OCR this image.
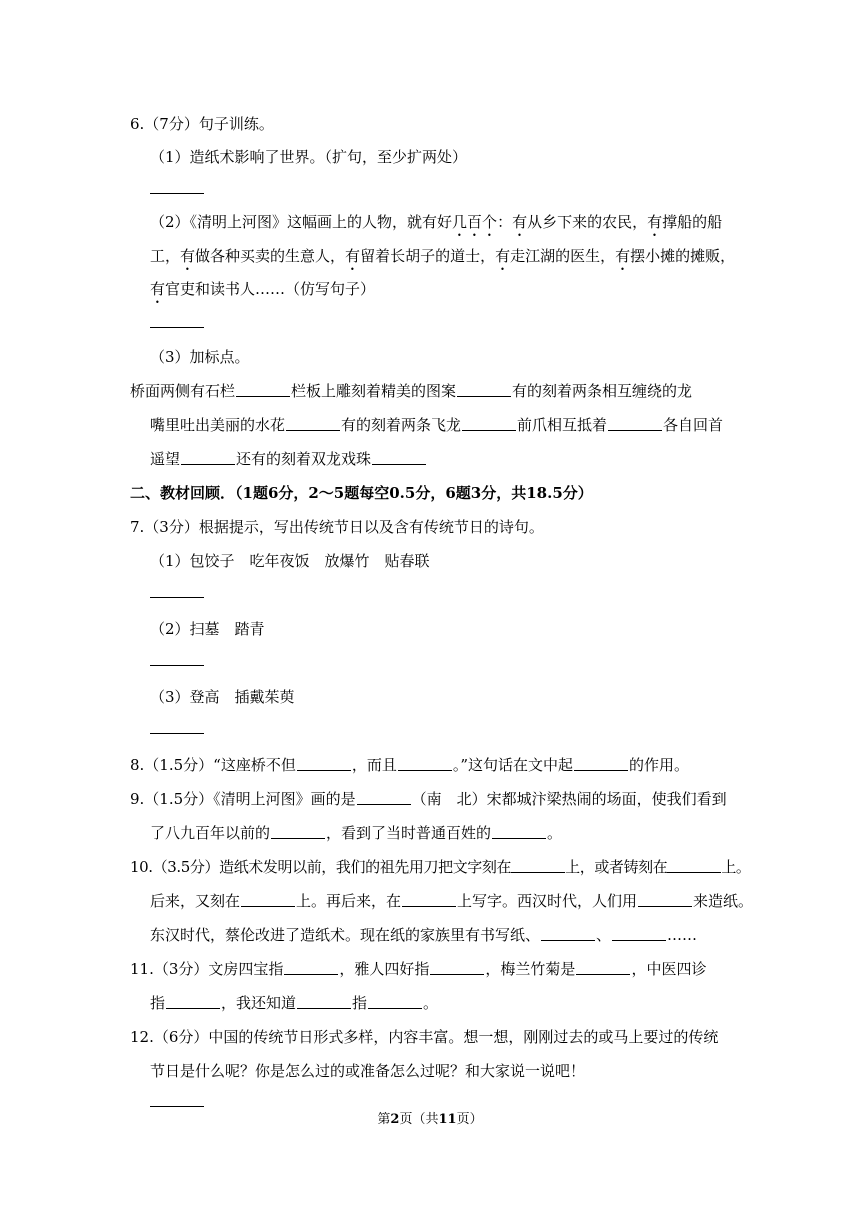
6.（7分）句子训练。
（1）造纸术影响了世界。（扩句，至少扩两处）
（2）《清明上河图》这幅画上的人物，就有好几百个：有从乡下来的农民，有撑船的船
工，有做各种买卖的生意人，有留着长胡子的道士，有走江湖的医生，有摆小摊的摊贩，
有官吏和读书人……（仿写句子）
（3）加标点。
桥面两侧有石栏	栏板上雕刻着精美的图案	有的刻着两条相互缠绕的龙
嘴里吐出美丽的水花	有的刻着两条飞龙	前爪相互抵着	各自回首
遥望	还有的刻着双龙戏珠
二、教材回顾．（1题6分，2～5题每空0.5分，6题3分，共18.5分）
7.（3分）根据提示，写出传统节日以及含有传统节日的诗句。
（1）包饺子　吃年夜饭　放爆竹　贴春联
（2）扫墓　踏青
（3）登高　插戴茱萸
8.（1.5分）“这座桥不但	，而且	。”这句话在文中起	的作用。
9.（1.5分）《清明上河图》画的是	（南　北）宋都城汴梁热闹的场面，使我们看到
了八九百年以前的	，看到了当时普通百姓的	。
10.（3.5分）造纸术发明以前，我们的祖先用刀把文字刻在	上，或者铸刻在	上。
后来，又刻在	上。再后来，在	上写字。西汉时代，人们用	来造纸。
东汉时代，蔡伦改进了造纸术。现在纸的家族里有书写纸、	、	……
11.（3分）文房四宝指	，雅人四好指	，梅兰竹菊是	，中医四诊
指	，我还知道	指	。
12.（6分）中国的传统节日形式多样，内容丰富。想一想，刚刚过去的或马上要过的传统
节日是什么呢？你是怎么过的或准备怎么过呢？和大家说一说吧！
第2页（共11页）
